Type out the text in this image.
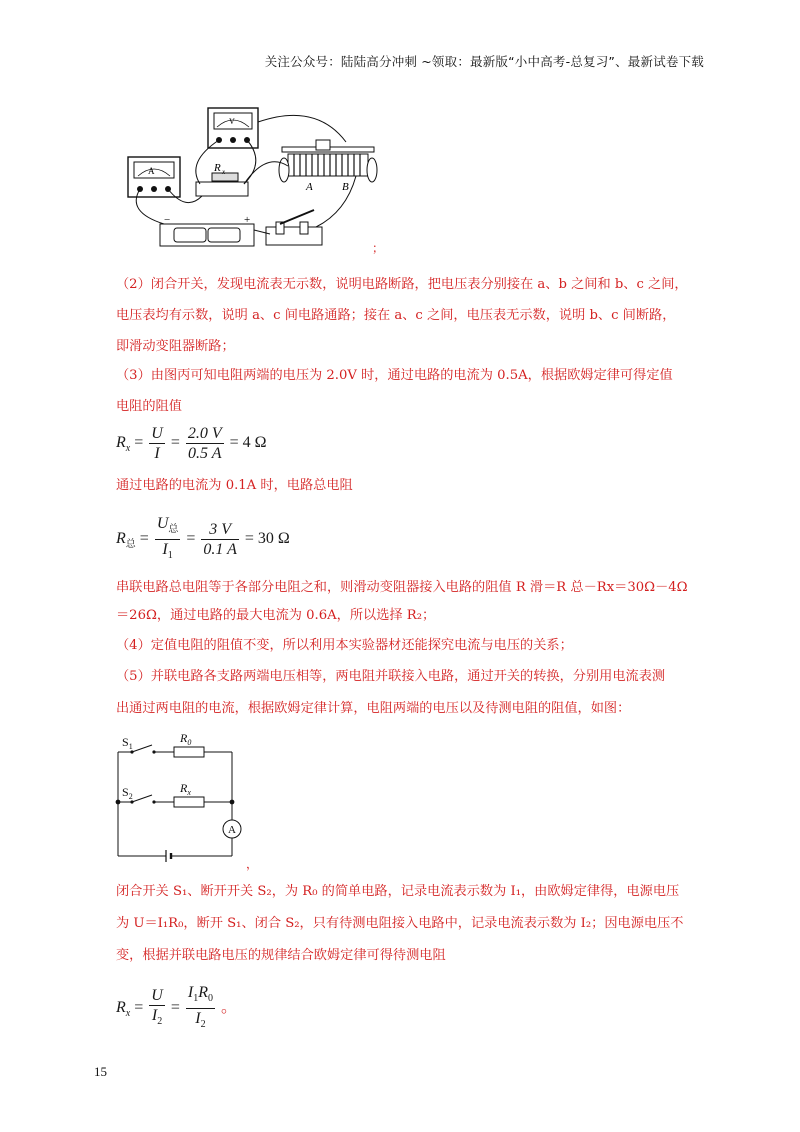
关注公众号：陆陆高分冲刺 ~领取：最新版“小中高考-总复习”、最新试卷下载
A
V
R x
A	B
−	+
；
（2）闭合开关，发现电流表无示数，说明电路断路，把电压表分别接在 a、b 之间和 b、c 之间，
电压表均有示数，说明 a、c 间电路通路；接在 a、c 之间，电压表无示数，说明 b、c 间断路，
即滑动变阻器断路；
（3）由图丙可知电阻两端的电压为 2.0V 时，通过电路的电流为 0.5A，根据欧姆定律可得定值
电阻的阻值
$R_x = \frac{U}{I} = \frac{2.0 V}{0.5 A} = 4$ Ω
通过电路的电流为 0.1A 时，电路总电阻
$R_总 = \frac{U_总}{I_1} = \frac{3 V}{0.1 A} = 30$ Ω
串联电路总电阻等于各部分电阻之和，则滑动变阻器接入电路的阻值 R 滑＝R 总－Rx＝30Ω－4Ω
＝26Ω，通过电路的最大电流为 0.6A，所以选择 R₂；
（4）定值电阻的阻值不变，所以利用本实验器材还能探究电流与电压的关系；
（5）并联电路各支路两端电压相等，两电阻并联接入电路，通过开关的转换，分别用电流表测
出通过两电阻的电流，根据欧姆定律计算，电阻两端的电压以及待测电阻的阻值，如图：
$S_1$
$S_2$
$R_0$
$R_x$
A
，
闭合开关 S₁、断开开关 S₂，为 R₀ 的简单电路，记录电流表示数为 I₁，由欧姆定律得，电源电压
为 U＝I₁R₀，断开 S₁、闭合 S₂，只有待测电阻接入电路中，记录电流表示数为 I₂；因电源电压不
变，根据并联电路电压的规律结合欧姆定律可得待测电阻
$R_x = \frac{U}{I_2} = \frac{I_1R_0}{I_2}$ 。
15
